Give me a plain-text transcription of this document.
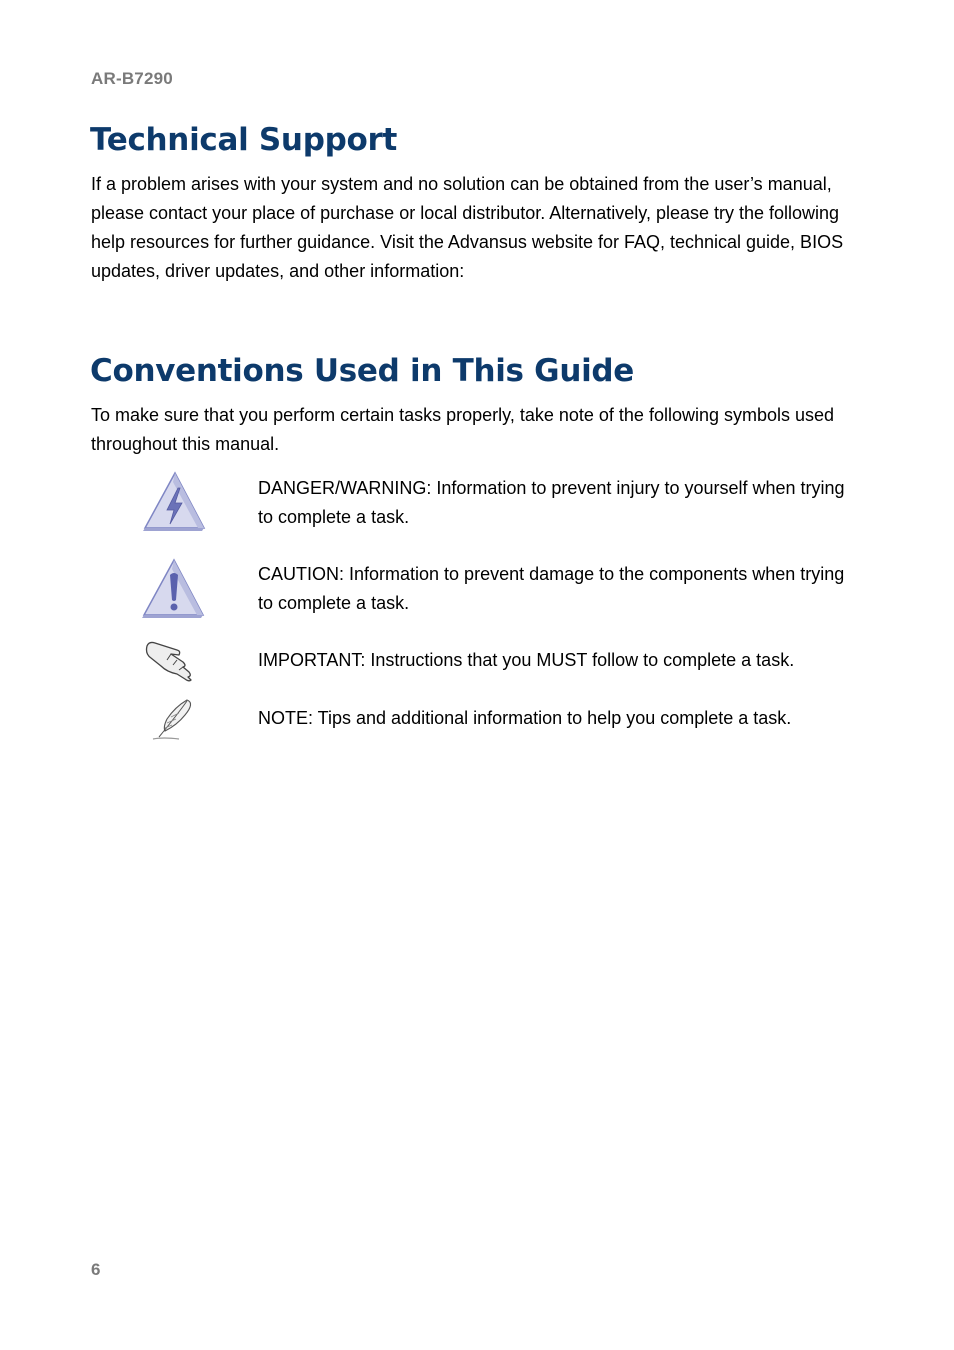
AR-B7290
Technical Support

If a problem arises with your system and no solution can be obtained from the user’s manual, please contact your place of purchase or local distributor. Alternatively, please try the following help resources for further guidance. Visit the Advansus website for FAQ, technical guide, BIOS updates, driver updates, and other information:

Conventions Used in This Guide

To make sure that you perform certain tasks properly, take note of the following symbols used throughout this manual.

DANGER/WARNING: Information to prevent injury to yourself when trying to complete a task.

CAUTION: Information to prevent damage to the components when trying to complete a task.

IMPORTANT: Instructions that you MUST follow to complete a task.

NOTE: Tips and additional information to help you complete a task.

6
